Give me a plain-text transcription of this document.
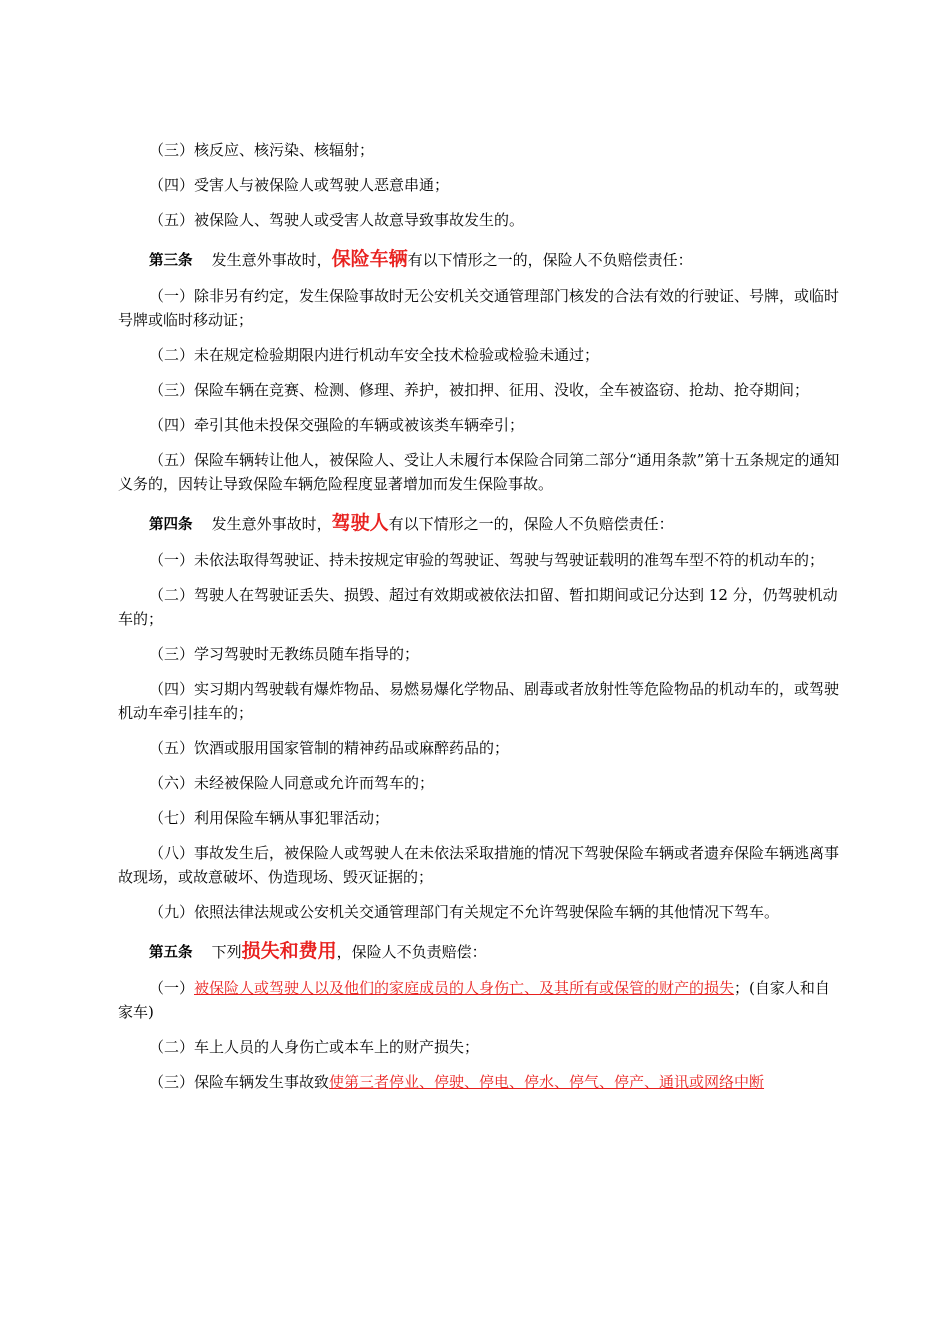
（三）核反应、核污染、核辐射；

（四）受害人与被保险人或驾驶人恶意串通；

（五）被保险人、驾驶人或受害人故意导致事故发生的。

第三条 发生意外事故时，保险车辆有以下情形之一的，保险人不负赔偿责任：

（一）除非另有约定，发生保险事故时无公安机关交通管理部门核发的合法有效的行驶证、号牌，或临时号牌或临时移动证；

（二）未在规定检验期限内进行机动车安全技术检验或检验未通过；

（三）保险车辆在竞赛、检测、修理、养护，被扣押、征用、没收，全车被盗窃、抢劫、抢夺期间；

（四）牵引其他未投保交强险的车辆或被该类车辆牵引；

（五）保险车辆转让他人，被保险人、受让人未履行本保险合同第二部分“通用条款”第十五条规定的通知义务的，因转让导致保险车辆危险程度显著增加而发生保险事故。

第四条 发生意外事故时，驾驶人有以下情形之一的，保险人不负赔偿责任：

（一）未依法取得驾驶证、持未按规定审验的驾驶证、驾驶与驾驶证载明的准驾车型不符的机动车的；

（二）驾驶人在驾驶证丢失、损毁、超过有效期或被依法扣留、暂扣期间或记分达到 12 分，仍驾驶机动车的；

（三）学习驾驶时无教练员随车指导的；

（四）实习期内驾驶载有爆炸物品、易燃易爆化学物品、剧毒或者放射性等危险物品的机动车的，或驾驶机动车牵引挂车的；

（五）饮酒或服用国家管制的精神药品或麻醉药品的；

（六）未经被保险人同意或允许而驾车的；

（七）利用保险车辆从事犯罪活动；

（八）事故发生后，被保险人或驾驶人在未依法采取措施的情况下驾驶保险车辆或者遗弃保险车辆逃离事故现场，或故意破坏、伪造现场、毁灭证据的；

（九）依照法律法规或公安机关交通管理部门有关规定不允许驾驶保险车辆的其他情况下驾车。

第五条 下列损失和费用，保险人不负责赔偿：

（一）被保险人或驾驶人以及他们的家庭成员的人身伤亡、及其所有或保管的财产的损失；(自家人和自家车)

（二）车上人员的人身伤亡或本车上的财产损失；

（三）保险车辆发生事故致使第三者停业、停驶、停电、停水、停气、停产、通讯或网络中断
